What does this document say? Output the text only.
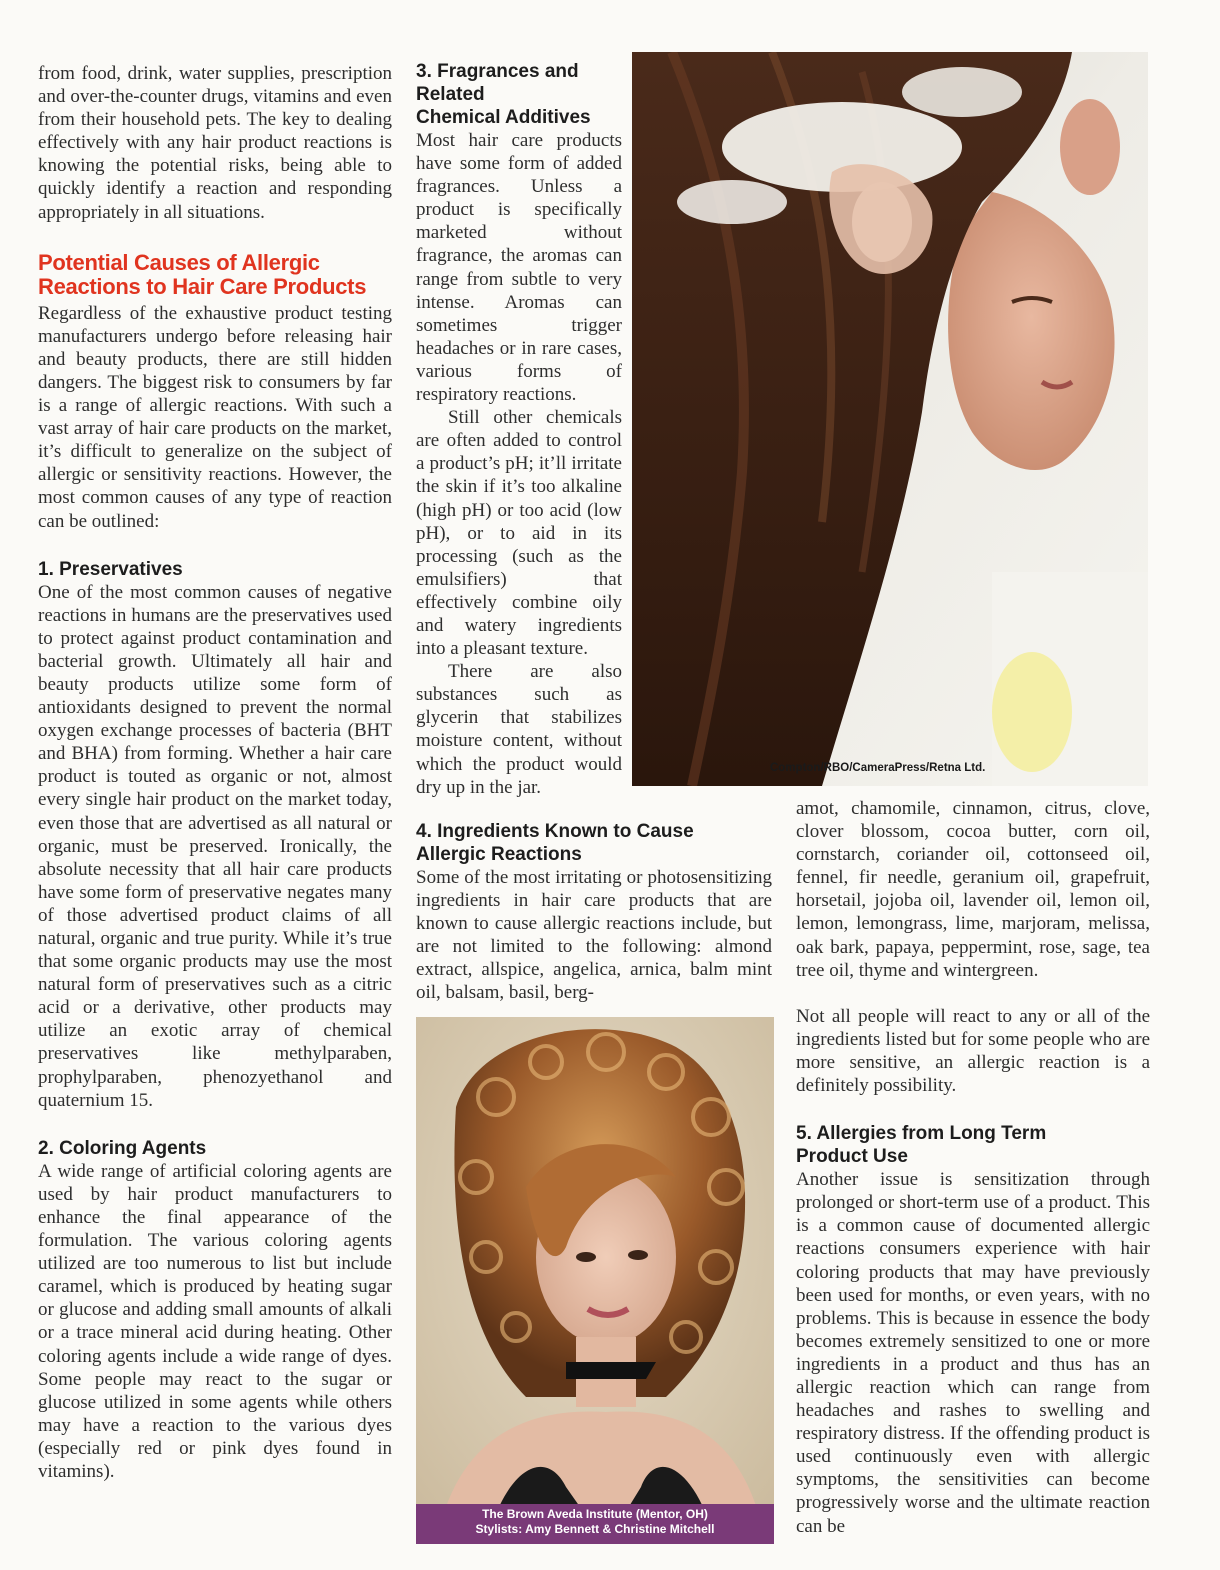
from food, drink, water supplies, prescription and over-the-counter drugs, vitamins and even from their household pets. The key to dealing effectively with any hair product reactions is knowing the potential risks, being able to quickly identify a reaction and responding appropriately in all situations.

Potential Causes of Allergic Reactions to Hair Care Products

Regardless of the exhaustive product testing manufacturers undergo before releasing hair and beauty products, there are still hidden dangers. The biggest risk to consumers by far is a range of allergic reactions. With such a vast array of hair care products on the market, it’s difficult to generalize on the subject of allergic or sensitivity reactions. However, the most common causes of any type of reaction can be outlined:

1. Preservatives

One of the most common causes of negative reactions in humans are the preservatives used to protect against product contamination and bacterial growth. Ultimately all hair and beauty products utilize some form of antioxidants designed to prevent the normal oxygen exchange processes of bacteria (BHT and BHA) from forming. Whether a hair care product is touted as organic or not, almost every single hair product on the market today, even those that are advertised as all natural or organic, must be preserved. Ironically, the absolute necessity that all hair care products have some form of preservative negates many of those advertised product claims of all natural, organic and true purity. While it’s true that some organic products may use the most natural form of preservatives such as a citric acid or a derivative, other products may utilize an exotic array of chemical preservatives like methylparaben, prophylparaben, phenozyethanol and quaternium 15.

2. Coloring Agents

A wide range of artificial coloring agents are used by hair product manufacturers to enhance the final appearance of the formulation. The various coloring agents utilized are too numerous to list but include caramel, which is produced by heating sugar or glucose and adding small amounts of alkali or a trace mineral acid during heating. Other coloring agents include a wide range of dyes. Some people may react to the sugar or glucose utilized in some agents while others may have a reaction to the various dyes (especially red or pink dyes found in vitamins).

3. Fragrances and
Related
Chemical Additives

Most hair care products have some form of added fragrances. Unless a product is specifically marketed without fragrance, the aromas can range from subtle to very intense. Aromas can sometimes trigger headaches or in rare cases, various forms of respiratory reactions.

Still other chemicals are often added to control a product’s pH; it’ll irritate the skin if it’s too alkaline (high pH) or too acid (low pH), or to aid in its processing (such as the emulsifiers) that effectively combine oily and watery ingredients into a pleasant texture.

There are also substances such as glycerin that stabilizes moisture content, without which the product would dry up in the jar.

4. Ingredients Known to Cause Allergic Reactions

Some of the most irritating or photosensitizing ingredients in hair care products that are known to cause allergic reactions include, but are not limited to the following: almond extract, allspice, angelica, arnica, balm mint oil, balsam, basil, berg-

Compton/RBO/CameraPress/Retna Ltd.

amot, chamomile, cinnamon, citrus, clove, clover blossom, cocoa butter, corn oil, cornstarch, coriander oil, cottonseed oil, fennel, fir needle, geranium oil, grapefruit, horsetail, jojoba oil, lavender oil, lemon oil, lemon, lemongrass, lime, marjoram, melissa, oak bark, papaya, peppermint, rose, sage, tea tree oil, thyme and wintergreen.

Not all people will react to any or all of the ingredients listed but for some people who are more sensitive, an allergic reaction is a definitely possibility.

5. Allergies from Long Term
Product Use

Another issue is sensitization through prolonged or short-term use of a product. This is a common cause of documented allergic reactions consumers experience with hair coloring products that may have previously been used for months, or even years, with no problems. This is because in essence the body becomes extremely sensitized to one or more ingredients in a product and thus has an allergic reaction which can range from headaches and rashes to swelling and respiratory distress. If the offending product is used continuously even with allergic symptoms, the sensitivities can become progressively worse and the ultimate reaction can be

The Brown Aveda Institute (Mentor, OH)
Stylists: Amy Bennett & Christine Mitchell
